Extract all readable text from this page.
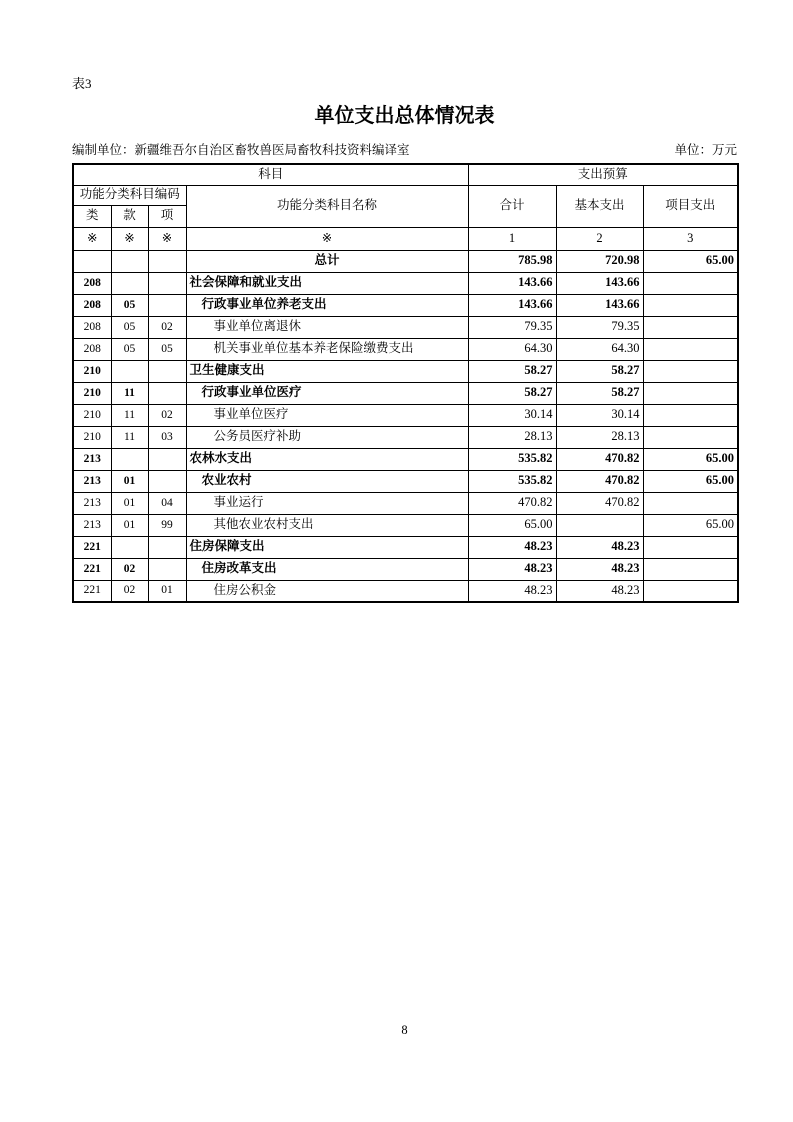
表3
单位支出总体情况表
编制单位：新疆维吾尔自治区畜牧兽医局畜牧科技资料编译室	单位：万元
科目				支出预算		
功能分类科目编码			功能分类科目名称	合计	基本支出	项目支出
类	款	项				
※	※	※	※	1	2	3
			总计	785.98	720.98	65.00
208			社会保障和就业支出	143.66	143.66	
208	05		行政事业单位养老支出	143.66	143.66	
208	05	02	事业单位离退休	79.35	79.35	
208	05	05	机关事业单位基本养老保险缴费支出	64.30	64.30	
210			卫生健康支出	58.27	58.27	
210	11		行政事业单位医疗	58.27	58.27	
210	11	02	事业单位医疗	30.14	30.14	
210	11	03	公务员医疗补助	28.13	28.13	
213			农林水支出	535.82	470.82	65.00
213	01		农业农村	535.82	470.82	65.00
213	01	04	事业运行	470.82	470.82	
213	01	99	其他农业农村支出	65.00		65.00
221			住房保障支出	48.23	48.23	
221	02		住房改革支出	48.23	48.23	
221	02	01	住房公积金	48.23	48.23	
8
